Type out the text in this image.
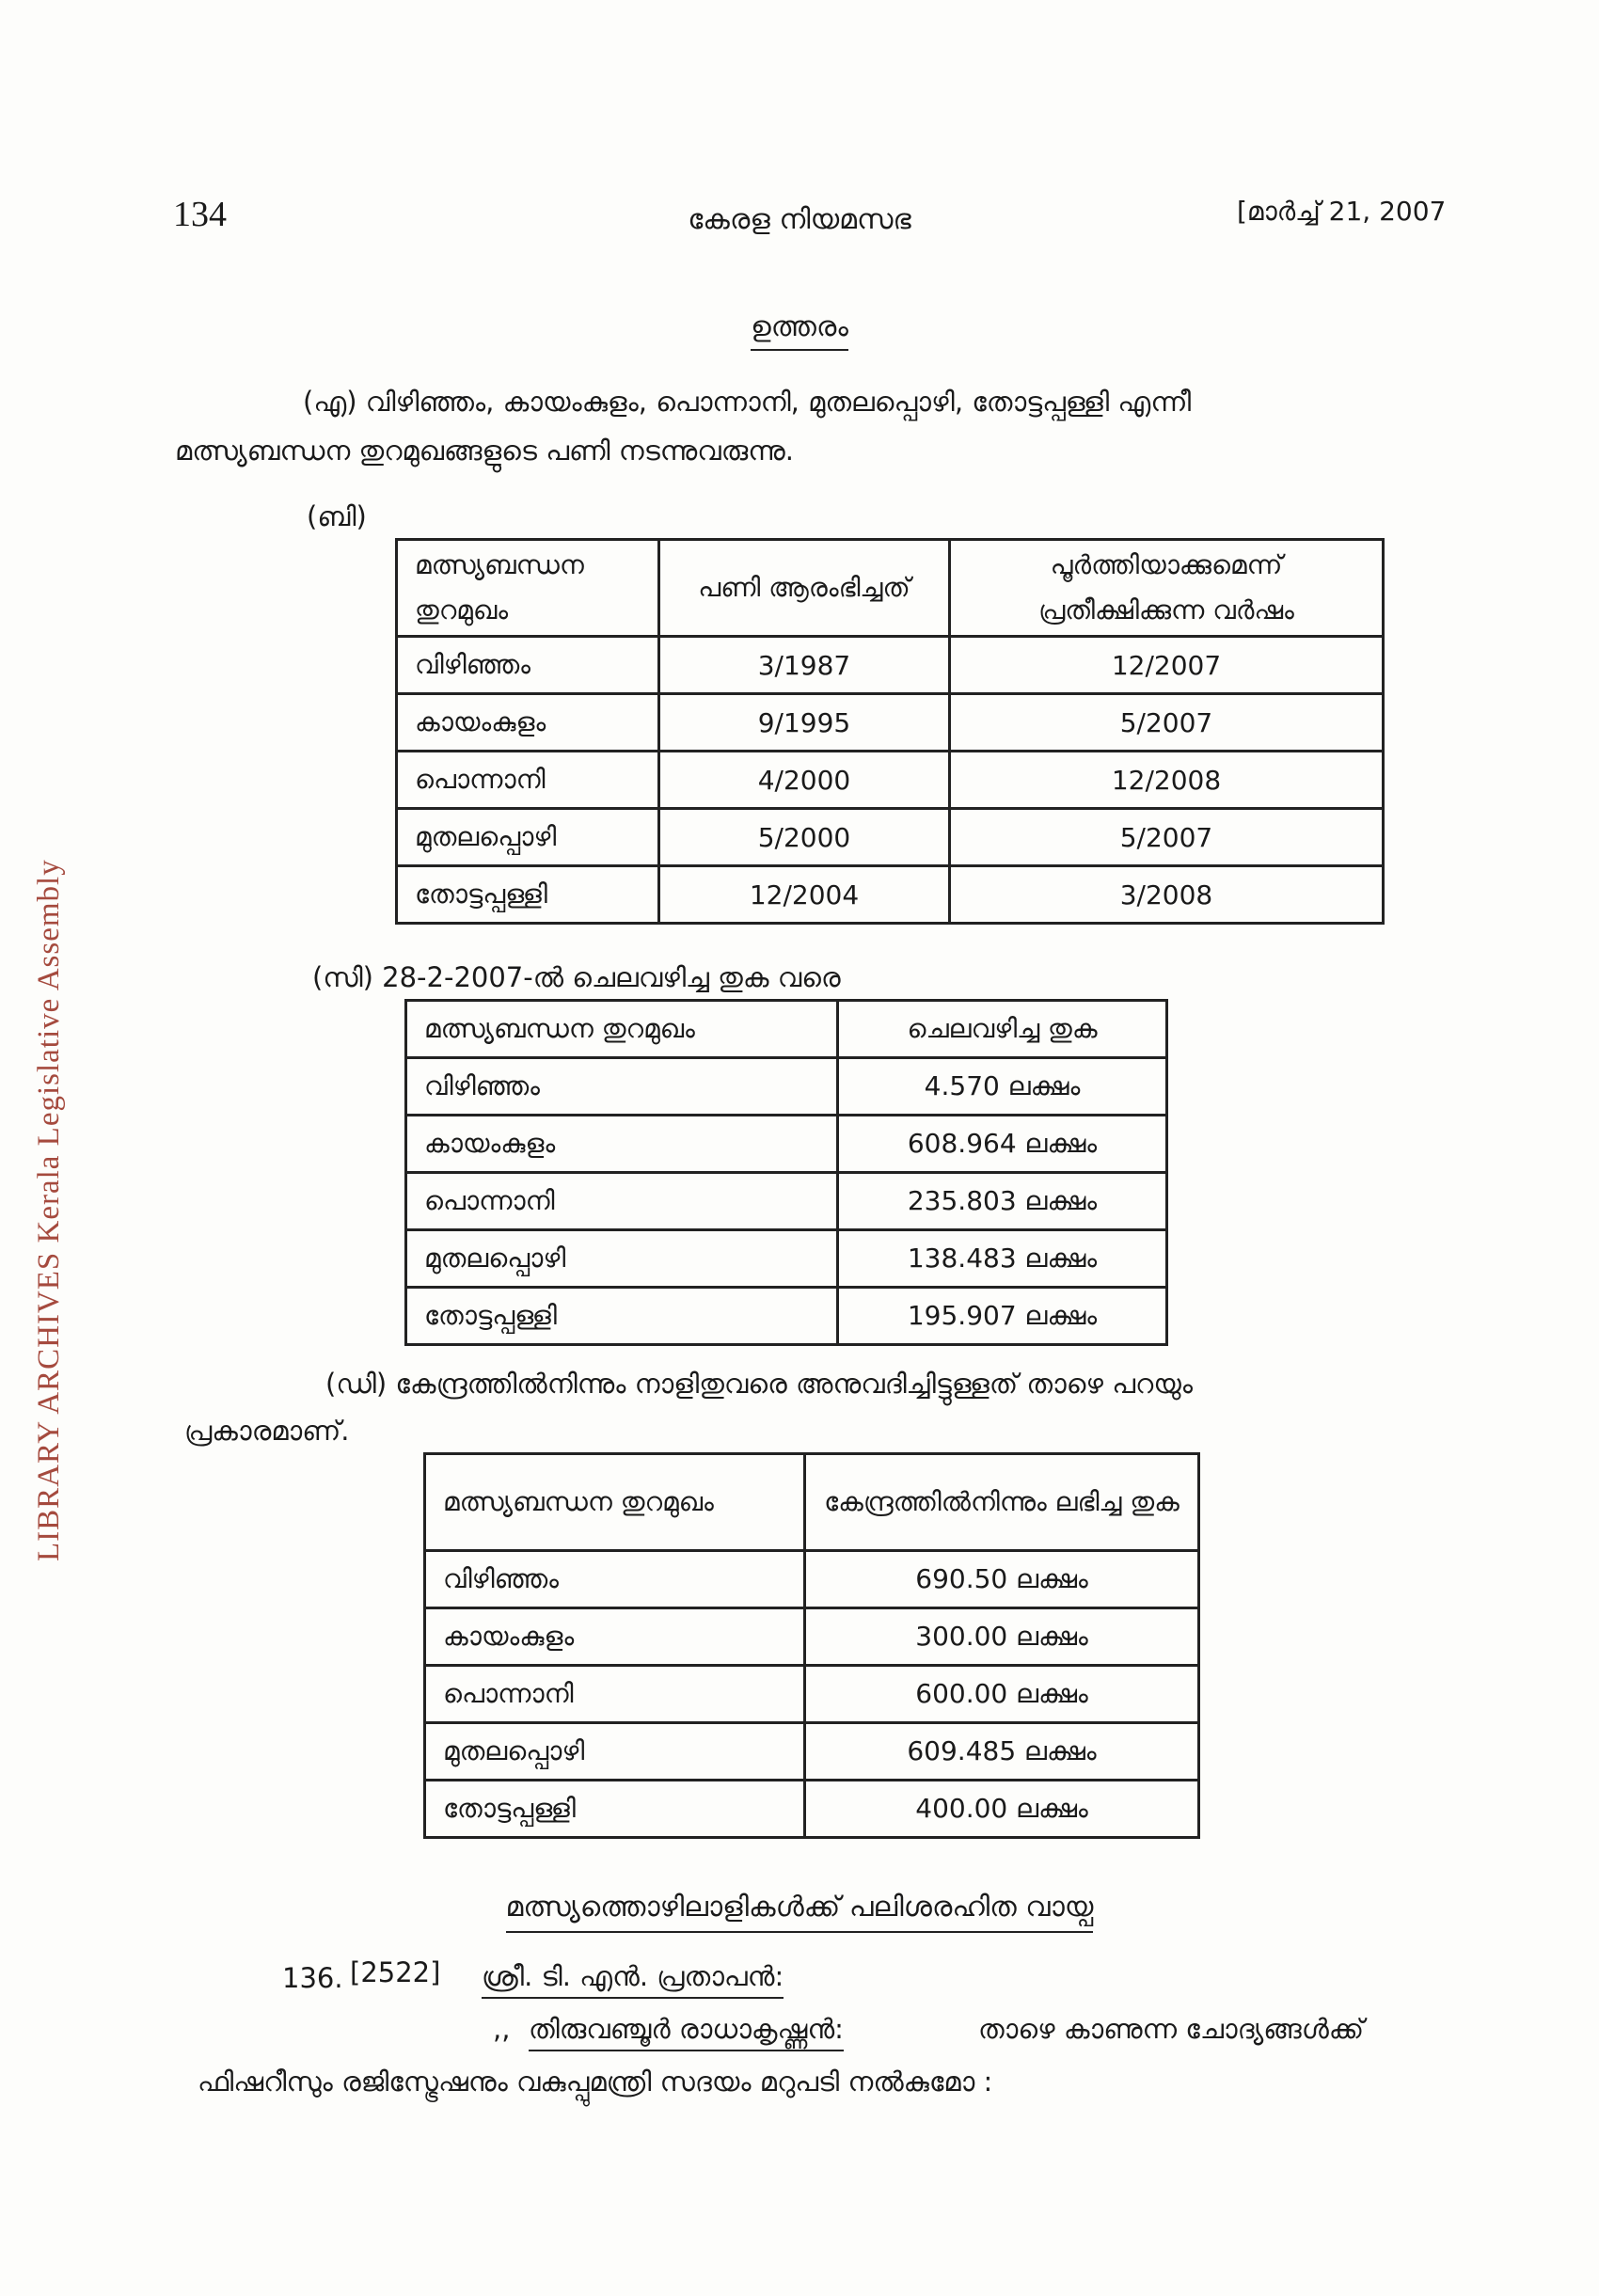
LIBRARY ARCHIVES Kerala Legislative Assembly
134	കേരള നിയമസഭ	[മാർച്ച് 21, 2007
ഉത്തരം
(എ) വിഴിഞ്ഞം, കായംകുളം, പൊന്നാനി, മുതലപ്പൊഴി, തോട്ടപ്പള്ളി എന്നീ
മത്സ്യബന്ധന തുറമുഖങ്ങളുടെ പണി നടന്നുവരുന്നു.
(ബി)
മത്സ്യബന്ധന തുറമുഖം	പണി ആരംഭിച്ചത്	പൂർത്തിയാക്കുമെന്ന് പ്രതീക്ഷിക്കുന്ന വർഷം
വിഴിഞ്ഞം	3/1987	12/2007
കായംകുളം	9/1995	5/2007
പൊന്നാനി	4/2000	12/2008
മുതലപ്പൊഴി	5/2000	5/2007
തോട്ടപ്പള്ളി	12/2004	3/2008
(സി) 28-2-2007-ൽ ചെലവഴിച്ച തുക വരെ
മത്സ്യബന്ധന തുറമുഖം	ചെലവഴിച്ച തുക
വിഴിഞ്ഞം	4.570 ലക്ഷം
കായംകുളം	608.964 ലക്ഷം
പൊന്നാനി	235.803 ലക്ഷം
മുതലപ്പൊഴി	138.483 ലക്ഷം
തോട്ടപ്പള്ളി	195.907 ലക്ഷം
(ഡി) കേന്ദ്രത്തിൽനിന്നും നാളിതുവരെ അനുവദിച്ചിട്ടുള്ളത് താഴെ പറയും
പ്രകാരമാണ്.
മത്സ്യബന്ധന തുറമുഖം	കേന്ദ്രത്തിൽനിന്നും ലഭിച്ച തുക
വിഴിഞ്ഞം	690.50 ലക്ഷം
കായംകുളം	300.00 ലക്ഷം
പൊന്നാനി	600.00 ലക്ഷം
മുതലപ്പൊഴി	609.485 ലക്ഷം
തോട്ടപ്പള്ളി	400.00 ലക്ഷം
മത്സ്യത്തൊഴിലാളികൾക്ക് പലിശരഹിത വായ്പ
136. [2522] ശ്രീ. ടി. എൻ. പ്രതാപൻ:
,, തിരുവഞ്ചൂർ രാധാകൃഷ്ണൻ:	താഴെ കാണുന്ന ചോദ്യങ്ങൾക്ക്
ഫിഷറീസും രജിസ്ട്രേഷനും വകുപ്പുമന്ത്രി സദയം മറുപടി നൽകുമോ :
